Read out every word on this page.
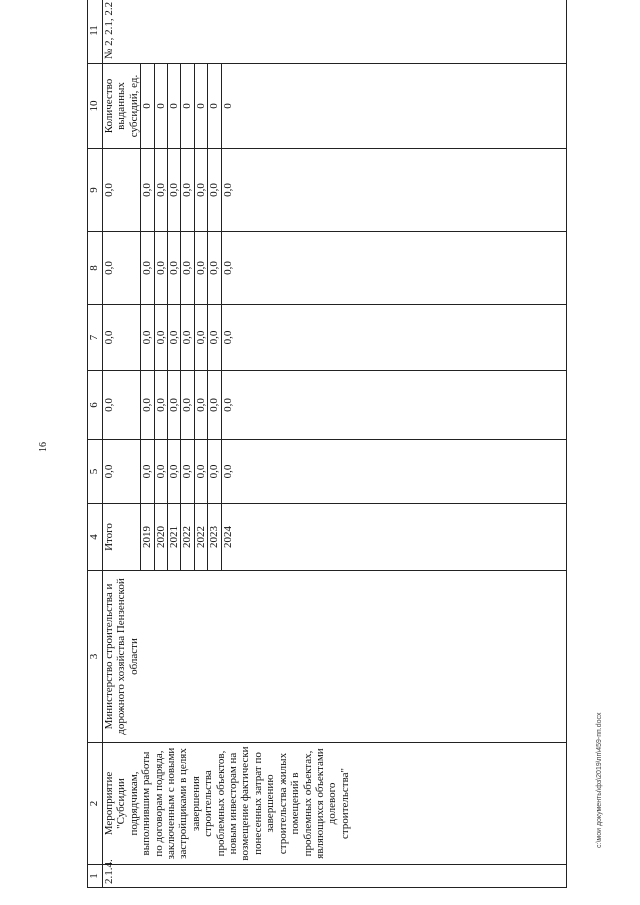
16
c:\мои документы\фз\2019\пп\459-пп.docx
1	2	3	4	5	6	7	8	9	10	11
2.1.4.	Мероприятие "Субсидии подрядчикам, выполнившим работы по договорам подряда, заключенным с новыми застройщиками в целях завершения строительства проблемных объектов, новым инвесторам на возмещение фактически понесенных затрат по завершению строительства жилых помещений в проблемных объектах, являющихся объектами долевого строительства"	Министерство строительства и дорожного хозяйства Пензенской области	Итого	0,0	0,0	0,0	0,0	0,0	Количество выданных субсидий, ед.	№ 2, 2.1, 2.2
			2019	0,0	0,0	0,0	0,0	0,0	0	
			2020	0,0	0,0	0,0	0,0	0,0	0	
			2021	0,0	0,0	0,0	0,0	0,0	0	
			2022	0,0	0,0	0,0	0,0	0,0	0	
			2022	0,0	0,0	0,0	0,0	0,0	0	
			2023	0,0	0,0	0,0	0,0	0,0	0	
			2024	0,0	0,0	0,0	0,0	0,0	0	
